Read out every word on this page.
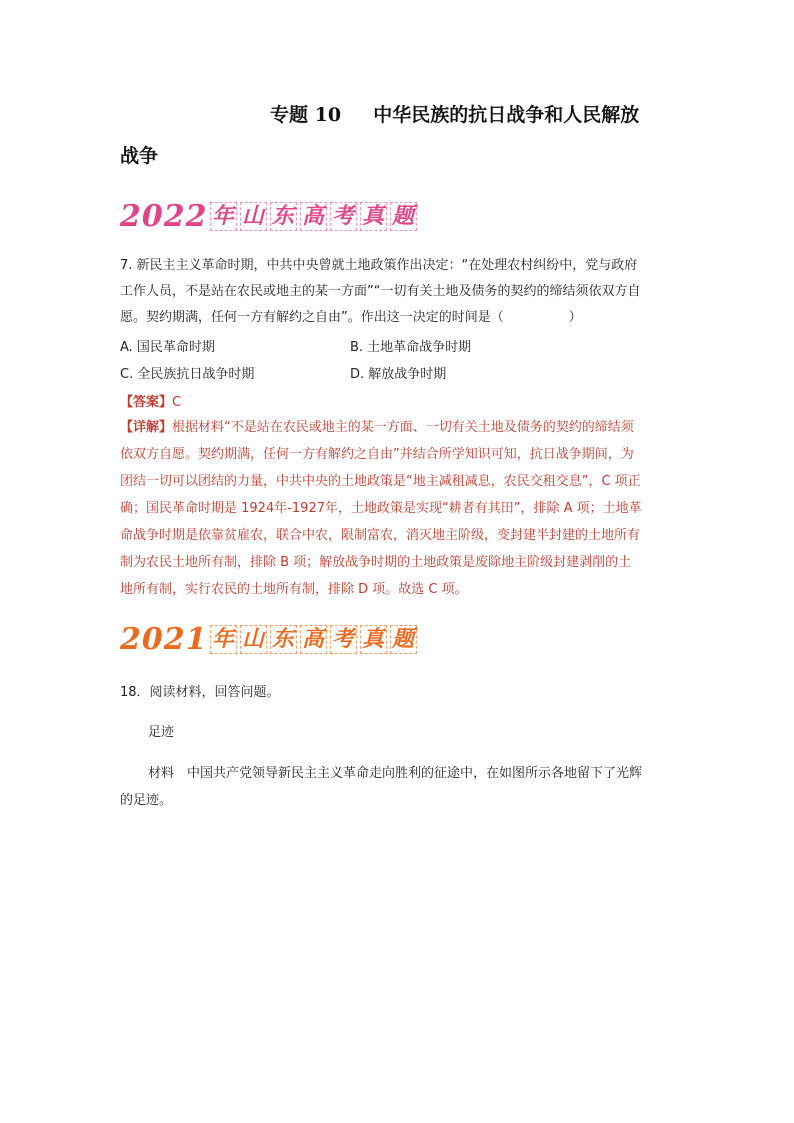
专题 10　  中华民族的抗日战争和人民解放
战争
2022 年 山 东 高 考 真 题
7. 新民主主义革命时期，中共中央曾就土地政策作出决定：“在处理农村纠纷中，党与政府
工作人员，不是站在农民或地主的某一方面”“一切有关土地及债务的契约的缔结须依双方自
愿。契约期满，任何一方有解约之自由”。作出这一决定的时间是（　　　　　）
A. 国民革命时期	B. 土地革命战争时期
C. 全民族抗日战争时期	D. 解放战争时期
【答案】C
【详解】根据材料“不是站在农民或地主的某一方面、一切有关土地及债务的契约的缔结须
依双方自愿。契约期满，任何一方有解约之自由”并结合所学知识可知，抗日战争期间，为
团结一切可以团结的力量，中共中央的土地政策是“地主减租减息，农民交租交息”，C 项正
确；国民革命时期是 1924年-1927年，土地政策是实现“耕者有其田”，排除 A 项；土地革
命战争时期是依靠贫雇农，联合中农，限制富农，消灭地主阶级，变封建半封建的土地所有
制为农民土地所有制，排除 B 项；解放战争时期的土地政策是废除地主阶级封建剥削的土
地所有制，实行农民的土地所有制，排除 D 项。故选 C 项。
2021 年 山 东 高 考 真 题
18．阅读材料，回答问题。
足迹
材料　中国共产党领导新民主主义革命走向胜利的征途中，在如图所示各地留下了光辉
的足迹。
